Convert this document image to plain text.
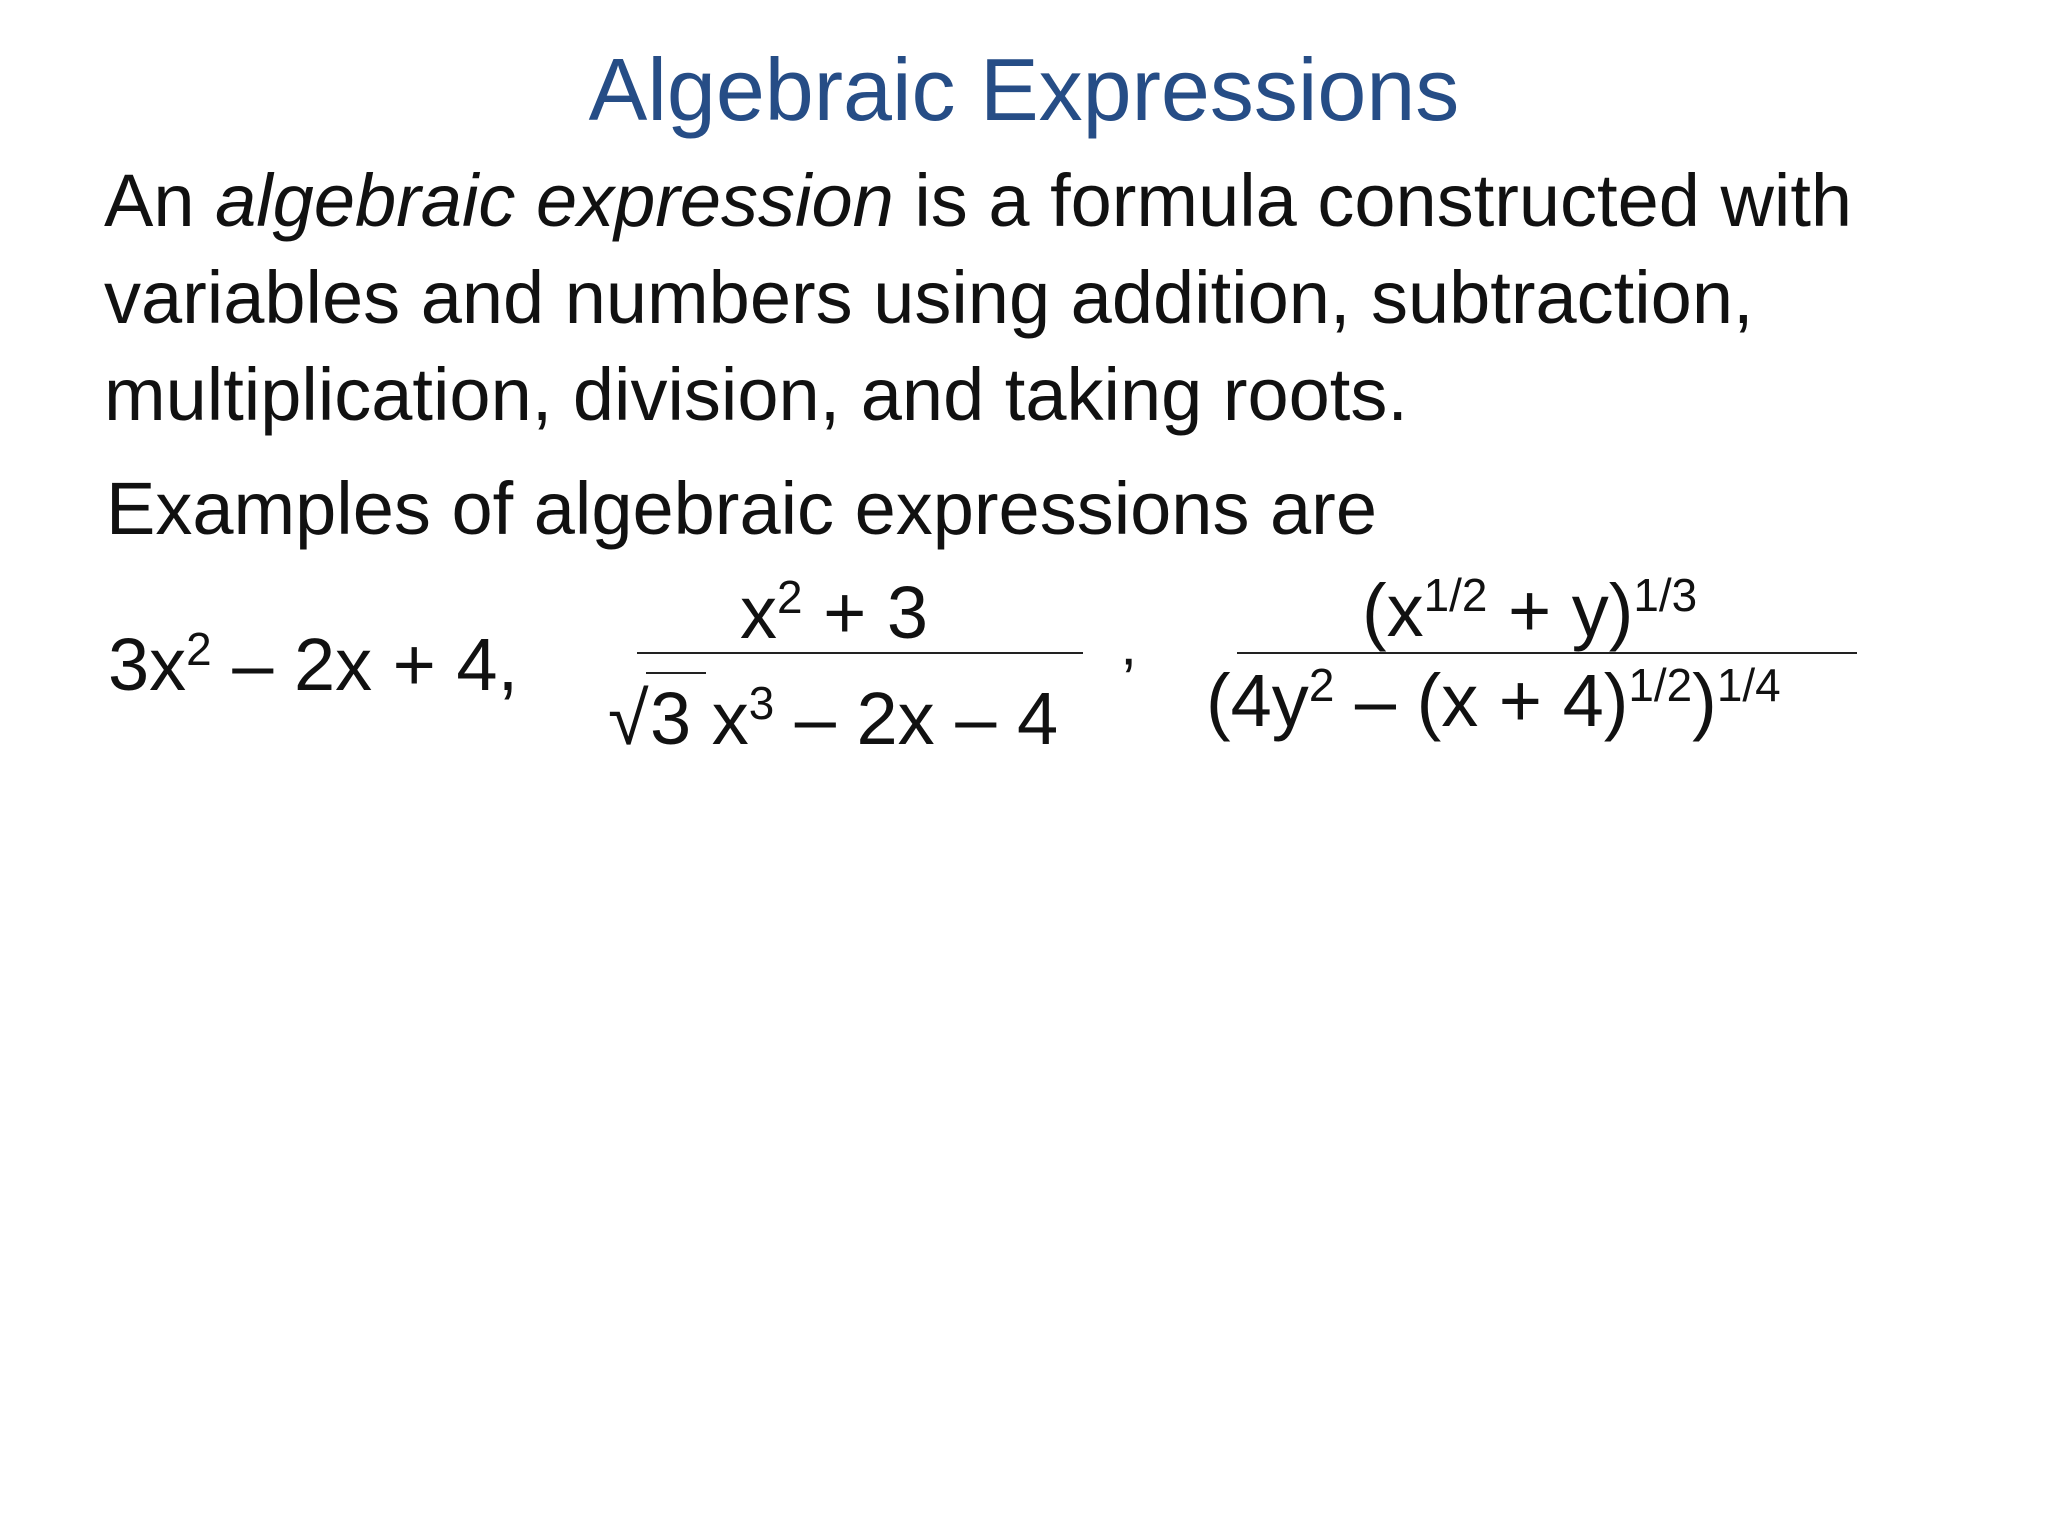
Algebraic Expressions

An algebraic expression is a formula constructed with variables and numbers using addition, subtraction, multiplication, division, and taking roots.

Examples of algebraic expressions are

$3x^2 - 2x + 4$,
$x^2 + 3$
√ 3 $x^3 - 2x - 4$ ’
$(x^{1/2} + y)^{1/3}$
$(4y^2 - (x + 4)^{1/2})^{1/4}$
